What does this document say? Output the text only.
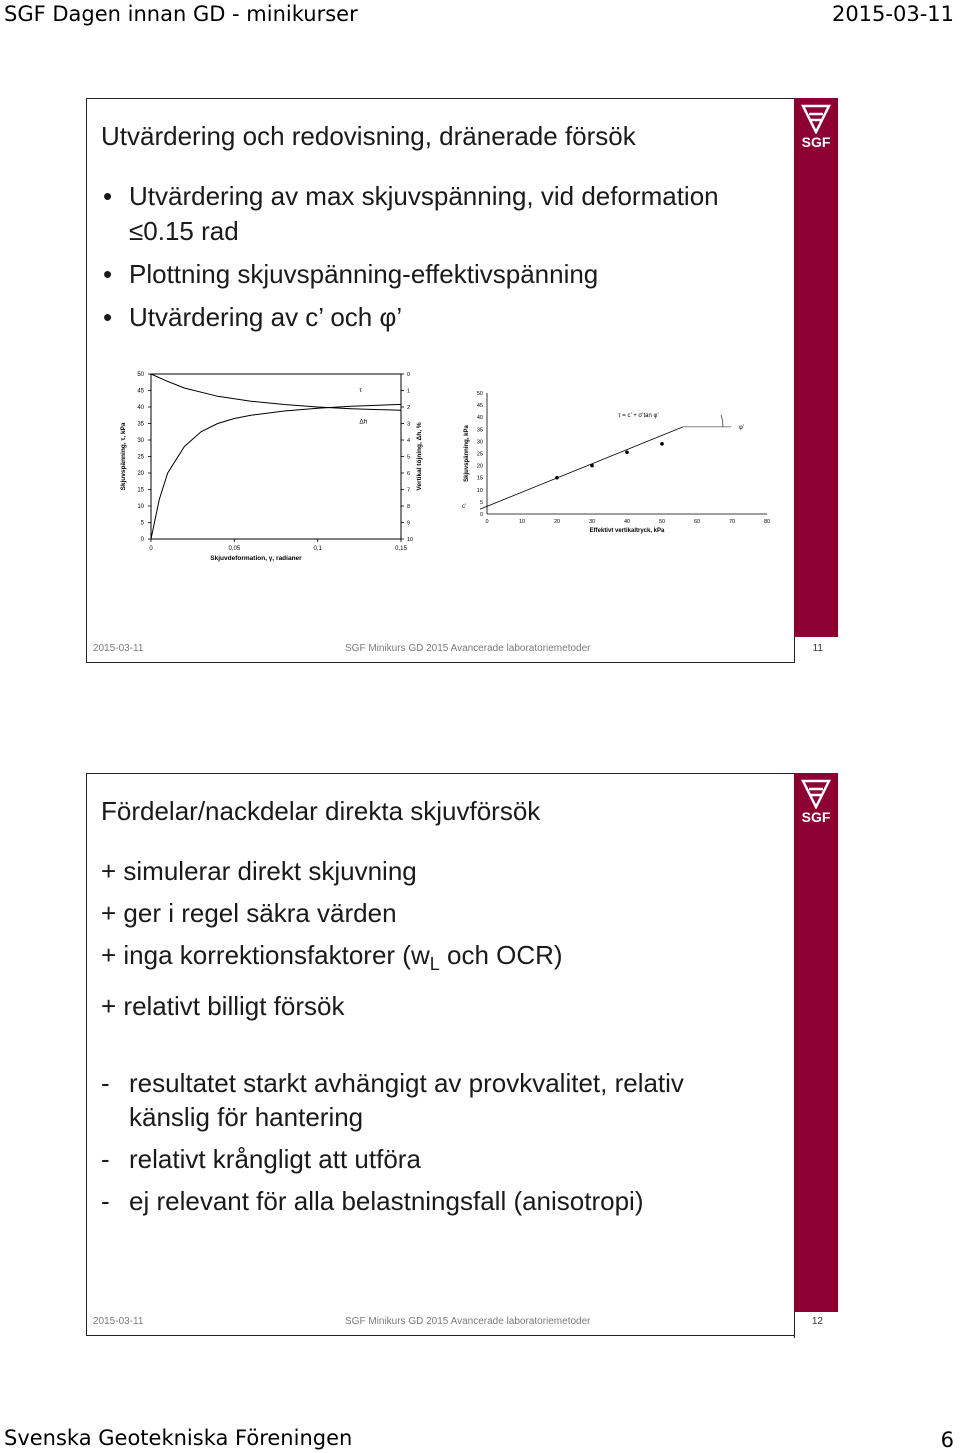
SGF Dagen innan GD - minikurser	2015-03-11
SGF
Utvärdering och redovisning, dränerade försök
• Utvärdering av max skjuvspänning, vid deformation ≤0.15 rad
• Plottning skjuvspänning-effektivspänning
• Utvärdering av c’ och φ’
0
5
10
15
20
25
30
35
40
45
50	0
1
2
3
4
5
6
7
8
9
10
0	0,05	0,1	0,15
Skjuvdeformation, γ, radianer
Skjuvspänning, τ, kPa	Vertikal töjning, Δh, %
τ
Δh
0
5
10
15
20
25
30
35
40
45
50
0	10	20	30	40	50	60	70	80
Effektivt vertikaltryck, kPa
Skjuvspänning, kPa	φ’
τ = c’ + σ’tan φ’
c’
2015-03-11	SGF Minikurs GD 2015 Avancerade laboratoriemetoder	11
SGF
Fördelar/nackdelar direkta skjuvförsök
+ simulerar direkt skjuvning
+ ger i regel säkra värden
+ inga korrektionsfaktorer ($w_L$ och OCR)
+ relativt billigt försök
- resultatet starkt avhängigt av provkvalitet, relativ känslig för hantering
- relativt krångligt att utföra
- ej relevant för alla belastningsfall (anisotropi)
2015-03-11	SGF Minikurs GD 2015 Avancerade laboratoriemetoder	12
Svenska Geotekniska Föreningen	6
